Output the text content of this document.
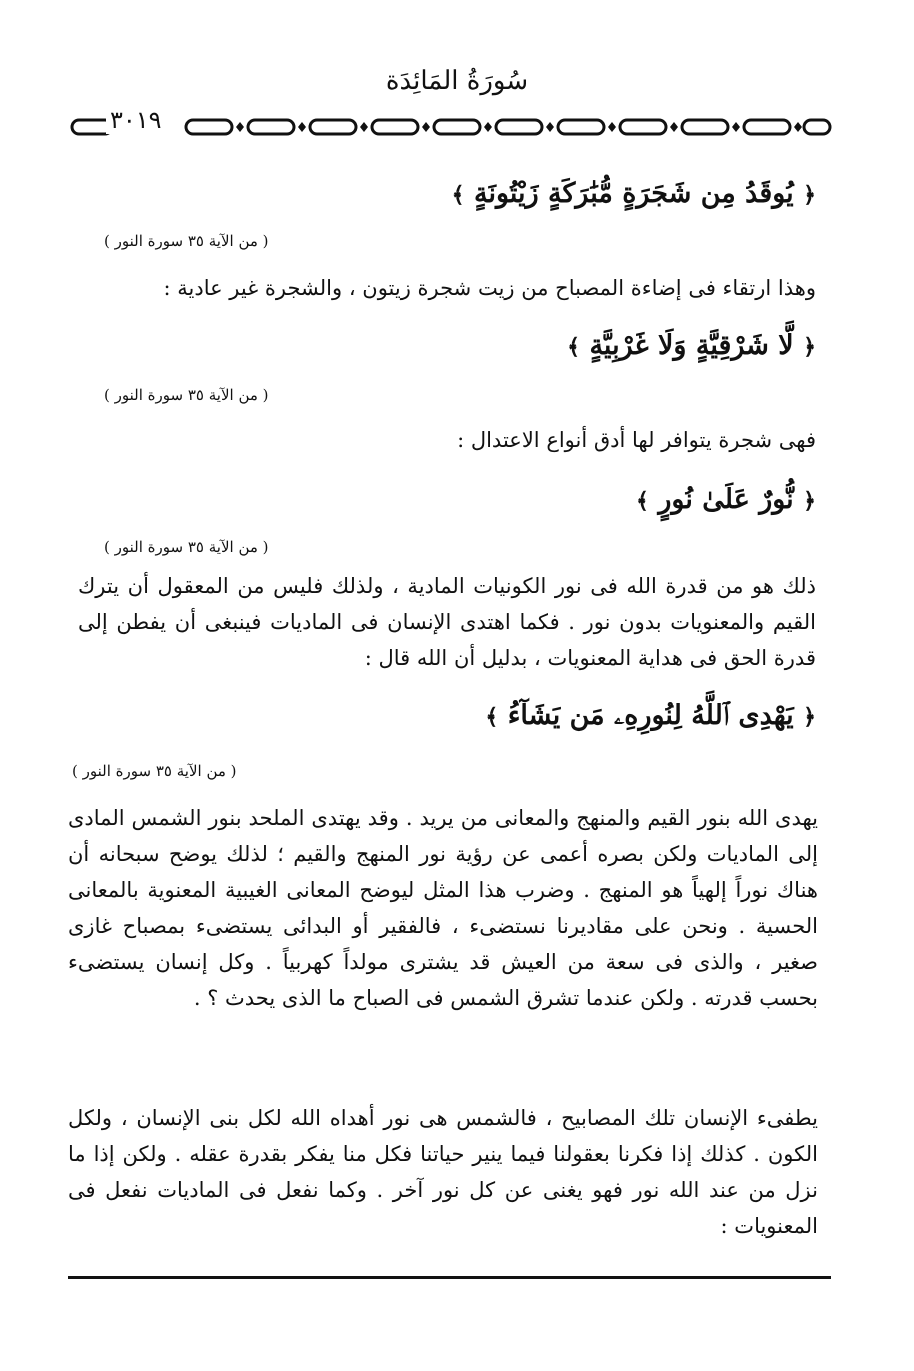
سُورَةُ المَائِدَة
٣٠١٩
﴿ يُوقَدُ مِن شَجَرَةٍ مُّبَٰرَكَةٍ زَيْتُونَةٍ ﴾
( من الآية ٣٥ سورة النور )

وهذا ارتقاء فى إضاءة المصباح من زيت شجرة زيتون ، والشجرة غير عادية :

﴿ لَّا شَرْقِيَّةٍ وَلَا غَرْبِيَّةٍ ﴾
( من الآية ٣٥ سورة النور )

فهى شجرة يتوافر لها أدق أنواع الاعتدال :

﴿ نُّورٌ عَلَىٰ نُورٍ ﴾
( من الآية ٣٥ سورة النور )

ذلك هو من قدرة الله فى نور الكونيات المادية ، ولذلك فليس من المعقول أن يترك القيم والمعنويات بدون نور . فكما اهتدى الإنسان فى الماديات فينبغى أن يفطن إلى قدرة الحق فى هداية المعنويات ، بدليل أن الله قال :

﴿ يَهْدِى ٱللَّهُ لِنُورِهِۦ مَن يَشَآءُ ﴾
( من الآية ٣٥ سورة النور )

يهدى الله بنور القيم والمنهج والمعانى من يريد . وقد يهتدى الملحد بنور الشمس المادى إلى الماديات ولكن بصره أعمى عن رؤية نور المنهج والقيم ؛ لذلك يوضح سبحانه أن هناك نوراً إلهياً هو المنهج . وضرب هذا المثل ليوضح المعانى الغيبية المعنوية بالمعانى الحسية . ونحن على مقاديرنا نستضىء ، فالفقير أو البدائى يستضىء بمصباح غازى صغير ، والذى فى سعة من العيش قد يشترى مولداً كهربياً . وكل إنسان يستضىء بحسب قدرته . ولكن عندما تشرق الشمس فى الصباح ما الذى يحدث ؟ .

يطفىء الإنسان تلك المصابيح ، فالشمس هى نور أهداه الله لكل بنى الإنسان ، ولكل الكون . كذلك إذا فكرنا بعقولنا فيما ينير حياتنا فكل منا يفكر بقدرة عقله . ولكن إذا ما نزل من عند الله نور فهو يغنى عن كل نور آخر . وكما نفعل فى الماديات نفعل فى المعنويات :
